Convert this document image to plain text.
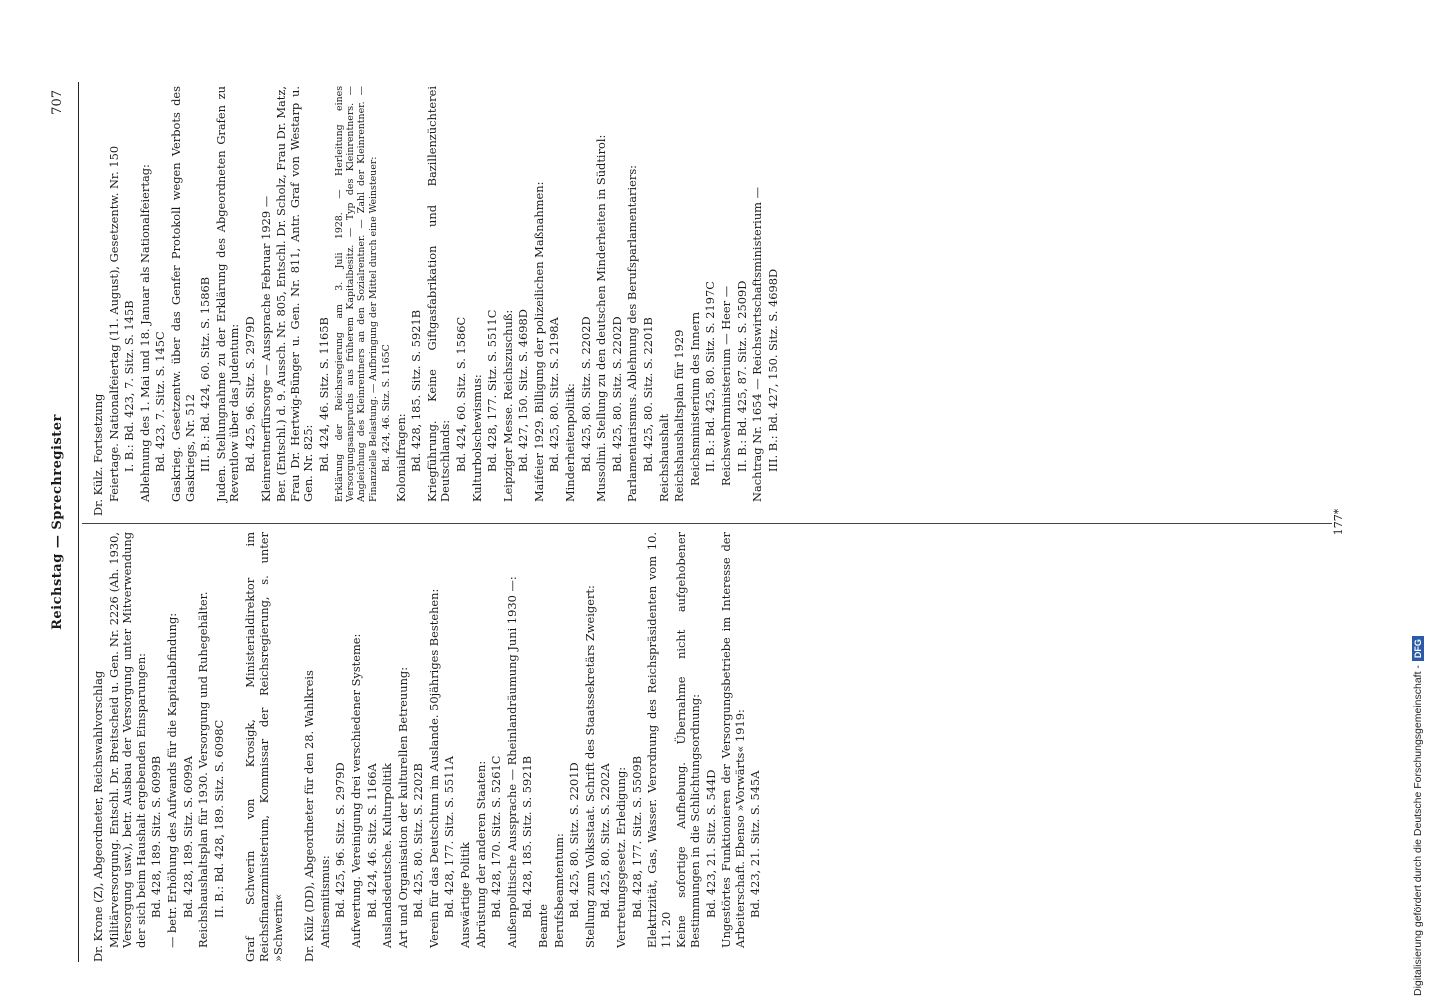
Reichstag — Sprechregister
707

Dr. Krone (Z), Abgeordneter, Reichswahlvorschlag Militärversorgung. Entschl. Dr. Breitscheid u. Gen. Nr. 2226 (Ah. 1930, Versorgung usw.), betr. Ausbau der Versorgung unter Mitverwendung der sich beim Haushalt ergebenden Einsparungen: Bd. 428, 189. Sitz. S. 6099B — betr. Erhöhung des Aufwands für die Kapitalabfindung: Bd. 428, 189. Sitz. S. 6099A Reichshaushaltsplan für 1930. Versorgung und Ruhegehälter. II. B.: Bd. 428, 189. Sitz. S. 6098C Graf Schwerin von Krosigk, Ministerialdirektor im Reichsfinanzministerium, Kommissar der Reichsregierung, s. unter »Schwerin« Dr. Külz (DD), Abgeordneter für den 28. Wahlkreis Antisemitismus: Bd. 425, 96. Sitz. S. 2979D Aufwertung. Vereinigung drei verschiedener Systeme: Bd. 424, 46. Sitz. S. 1166A Auslandsdeutsche. Kulturpolitik Art und Organisation der kulturellen Betreuung: Bd. 425, 80. Sitz. S. 2202B Verein für das Deutschtum im Auslande. 50jähriges Bestehen: Bd. 428, 177. Sitz. S. 5511A Auswärtige Politik Abrüstung der anderen Staaten: Bd. 428, 170. Sitz. S. 5261C Außenpolitische Aussprache — Rheinlandräumung Juni 1930 —: Bd. 428, 185. Sitz. S. 5921B

Beamte Berufsbeamtentum: Bd. 425, 80. Sitz. S. 2201D Stellung zum Volksstaat. Schrift des Staatssekretärs Zweigert: Bd. 425, 80. Sitz. S. 2202A Vertretungsgesetz. Erledigung: Bd. 428, 177. Sitz. S. 5509B Elektrizität, Gas, Wasser. Verordnung des Reichspräsidenten vom 10. 11. 20 Keine sofortige Aufhebung. Übernahme nicht aufgehobener Bestimmungen in die Schlichtungsordnung: Bd. 423, 21. Sitz. S. 544D Ungestörtes Funktionieren der Versorgungsbetriebe im Interesse der Arbeiterschaft. Ebenso »Vorwärts« 1919: Bd. 423, 21. Sitz. S. 545A

Dr. Külz. Fortsetzung Feiertage. Nationalfeiertag (11. August), Gesetzentw. Nr. 150 I. B.: Bd. 423, 7. Sitz. S. 145B Ablehnung des 1. Mai und 18. Januar als Nationalfeiertag: Bd. 423, 7. Sitz. S. 145C Gaskrieg. Gesetzentw. über das Genfer Protokoll wegen Verbots des Gaskriegs, Nr. 512 III. B.: Bd. 424, 60. Sitz. S. 1586B Juden. Stellungnahme zu der Erklärung des Abgeordneten Grafen zu Reventlow über das Judentum: Bd. 425, 96. Sitz. S. 2979D Kleinrentnerfürsorge — Aussprache Februar 1929 — Ber. (Entschl.) d. 9. Aussch. Nr. 805, Entschl. Dr. Scholz, Frau Dr. Matz, Frau Dr. Hertwig-Bünger u. Gen. Nr. 811, Antr. Graf von Westarp u. Gen. Nr. 825: Bd. 424, 46. Sitz. S. 1165B Erklärung der Reichsregierung am 3. Juli 1928. — Herleitung eines Versorgungsanspruchs aus früherem Kapitalbesitz. — Typ des Kleinrentners. — Angleichung des Kleinrentners an den Sozialrentner. — Zahl der Kleinrentner. — Finanzielle Belastung. — Aufbringung der Mittel durch eine Weinsteuer: Bd. 424, 46. Sitz. S. 1165C Kolonialfragen: Bd. 428, 185. Sitz. S. 5921B Kriegführung. Keine Giftgasfabrikation und Bazillenzüchterei Deutschlands: Bd. 424, 60. Sitz. S. 1586C Kulturbolschewismus: Bd. 428, 177. Sitz. S. 5511C Leipziger Messe. Reichszuschuß: Bd. 427, 150. Sitz. S. 4698D Maifeier 1929. Billigung der polizeilichen Maßnahmen: Bd. 425, 80. Sitz. S. 2198A Minderheitenpolitik: Bd. 425, 80. Sitz. S. 2202D Mussolini. Stellung zu den deutschen Minderheiten in Südtirol: Bd. 425, 80. Sitz. S. 2202D Parlamentarismus. Ablehnung des Berufsparlamentariers: Bd. 425, 80. Sitz. S. 2201B Reichshaushalt Reichshaushaltsplan für 1929 Reichsministerium des Innern II. B.: Bd. 425, 80. Sitz. S. 2197C Reichswehrministerium — Heer — II. B.: Bd. 425, 87. Sitz. S. 2509D Nachtrag Nr. 1654 — Reichswirtschaftsministerium — III. B.: Bd. 427, 150. Sitz. S. 4698D

177*
Digitalisierung gefördert durch die Deutsche Forschungsgemeinschaft -DFG
